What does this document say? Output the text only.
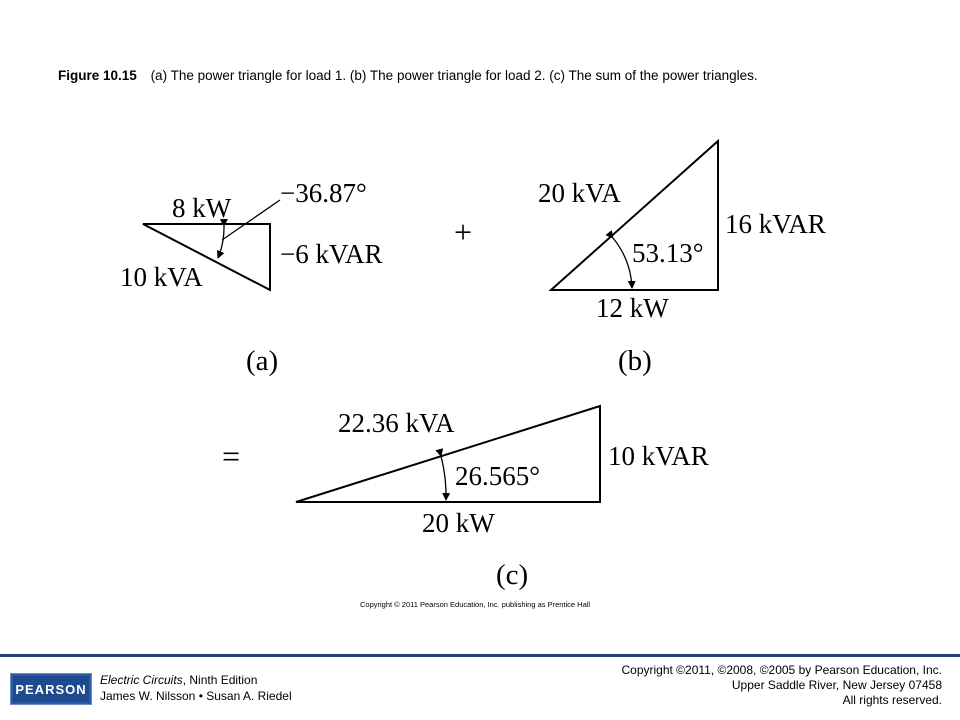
Figure 10.15 (a) The power triangle for load 1. (b) The power triangle for load 2. (c) The sum of the power triangles.
8 kW −36.87°
−6 kVAR
10 kVA
(a)
+
20 kVA
16 kVAR
53.13°
12 kW
(b)
=
22.36 kVA
10 kVAR
26.565°
20 kW
(c)
Copyright © 2011 Pearson Education, Inc. publishing as Prentice Hall
PEARSON
Electric Circuits, Ninth Edition
James W. Nilsson • Susan A. Riedel
Copyright ©2011, ©2008, ©2005 by Pearson Education, Inc.
Upper Saddle River, New Jersey 07458
All rights reserved.
